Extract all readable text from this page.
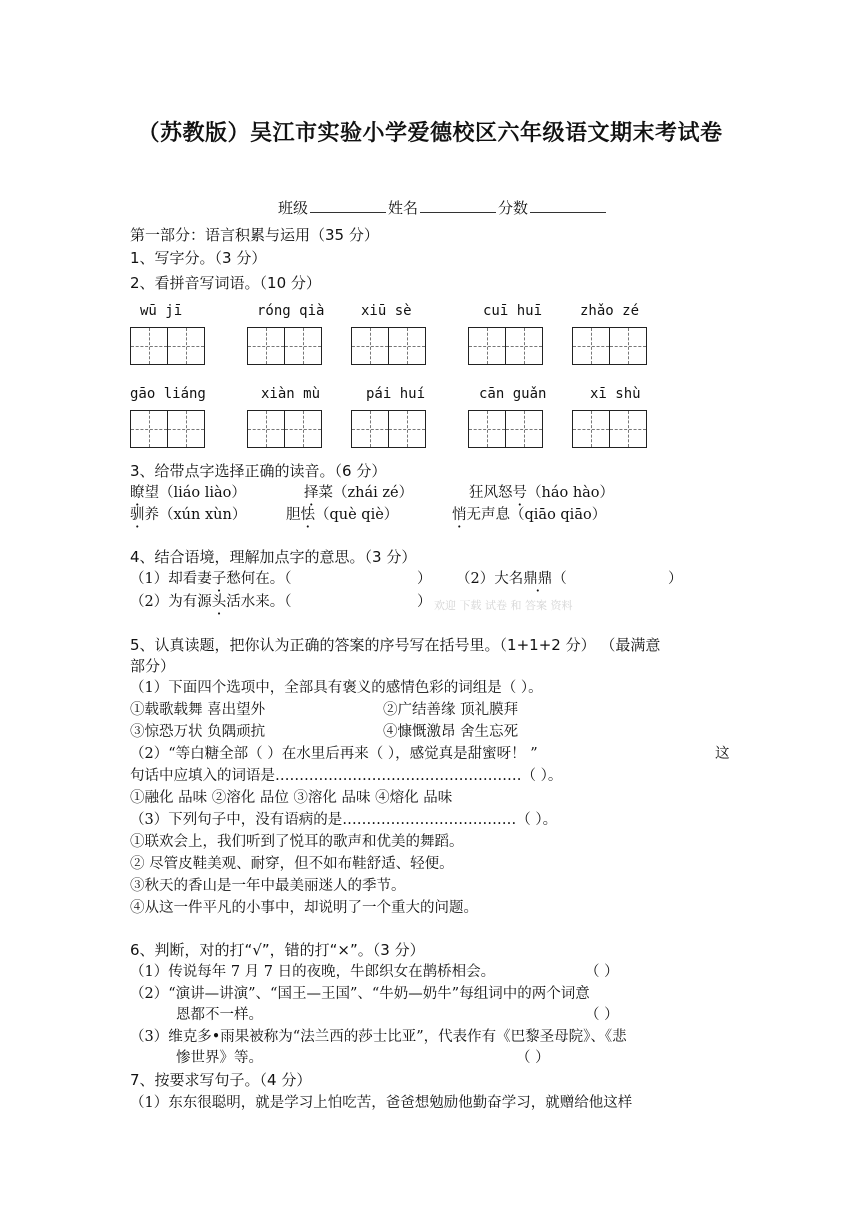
（苏教版）吴江市实验小学爱德校区六年级语文期末考试卷
班级	姓名	分数
第一部分：语言积累与运用（35 分）
1、写字分。（3 分）
2、看拼音写词语。（10 分）
wū jī	róng qià	xiū sè	cuī huī	zhǎo zé
gāo liáng	xiàn mù	pái huí	cān guǎn	xī shù
3、给带点字选择正确的读音。（6 分）
瞭望（liáo liào）	择菜（zhái zé）	狂风怒号（háo hào）
驯养（xún xùn）	胆怯（què qiè）	悄无声息（qiāo qiāo）
4、结合语境，理解加点字的意思。（3 分）
（1）却看妻子愁何在。（	） （2）大名鼎鼎（	）
（2）为有源头活水来。（	） 欢迎 下载 试卷 和 答案 资料
5、认真读题，把你认为正确的答案的序号写在括号里。（1+1+2 分） （最满意
部分）
（1）下面四个选项中，全部具有褒义的感情色彩的词组是（ ）。
①载歌载舞 喜出望外	②广结善缘 顶礼膜拜
③惊恐万状 负隅顽抗	④慷慨激昂 舍生忘死
（2）“等白糖全部（ ）在水里后再来（ ），感觉真是甜蜜呀！ ”	这
句话中应填入的词语是……………………………………………（ ）。
①融化 品味 ②溶化 品位 ③溶化 品味 ④熔化 品味
（3）下列句子中，没有语病的是………………………………（ ）。
①联欢会上，我们听到了悦耳的歌声和优美的舞蹈。
② 尽管皮鞋美观、耐穿，但不如布鞋舒适、轻便。
③秋天的香山是一年中最美丽迷人的季节。
④从这一件平凡的小事中，却说明了一个重大的问题。
6、判断，对的打“√”，错的打“×”。（3 分）
（1）传说每年 7 月 7 日的夜晚，牛郎织女在鹊桥相会。	（ ）
（2）“演讲—讲演”、“国王—王国”、“牛奶—奶牛”每组词中的两个词意
恩都不一样。	（ ）
（3）维克多•雨果被称为“法兰西的莎士比亚”，代表作有《巴黎圣母院》、《悲
惨世界》等。	（ ）
7、按要求写句子。（4 分）
（1）东东很聪明，就是学习上怕吃苦，爸爸想勉励他勤奋学习，就赠给他这样
